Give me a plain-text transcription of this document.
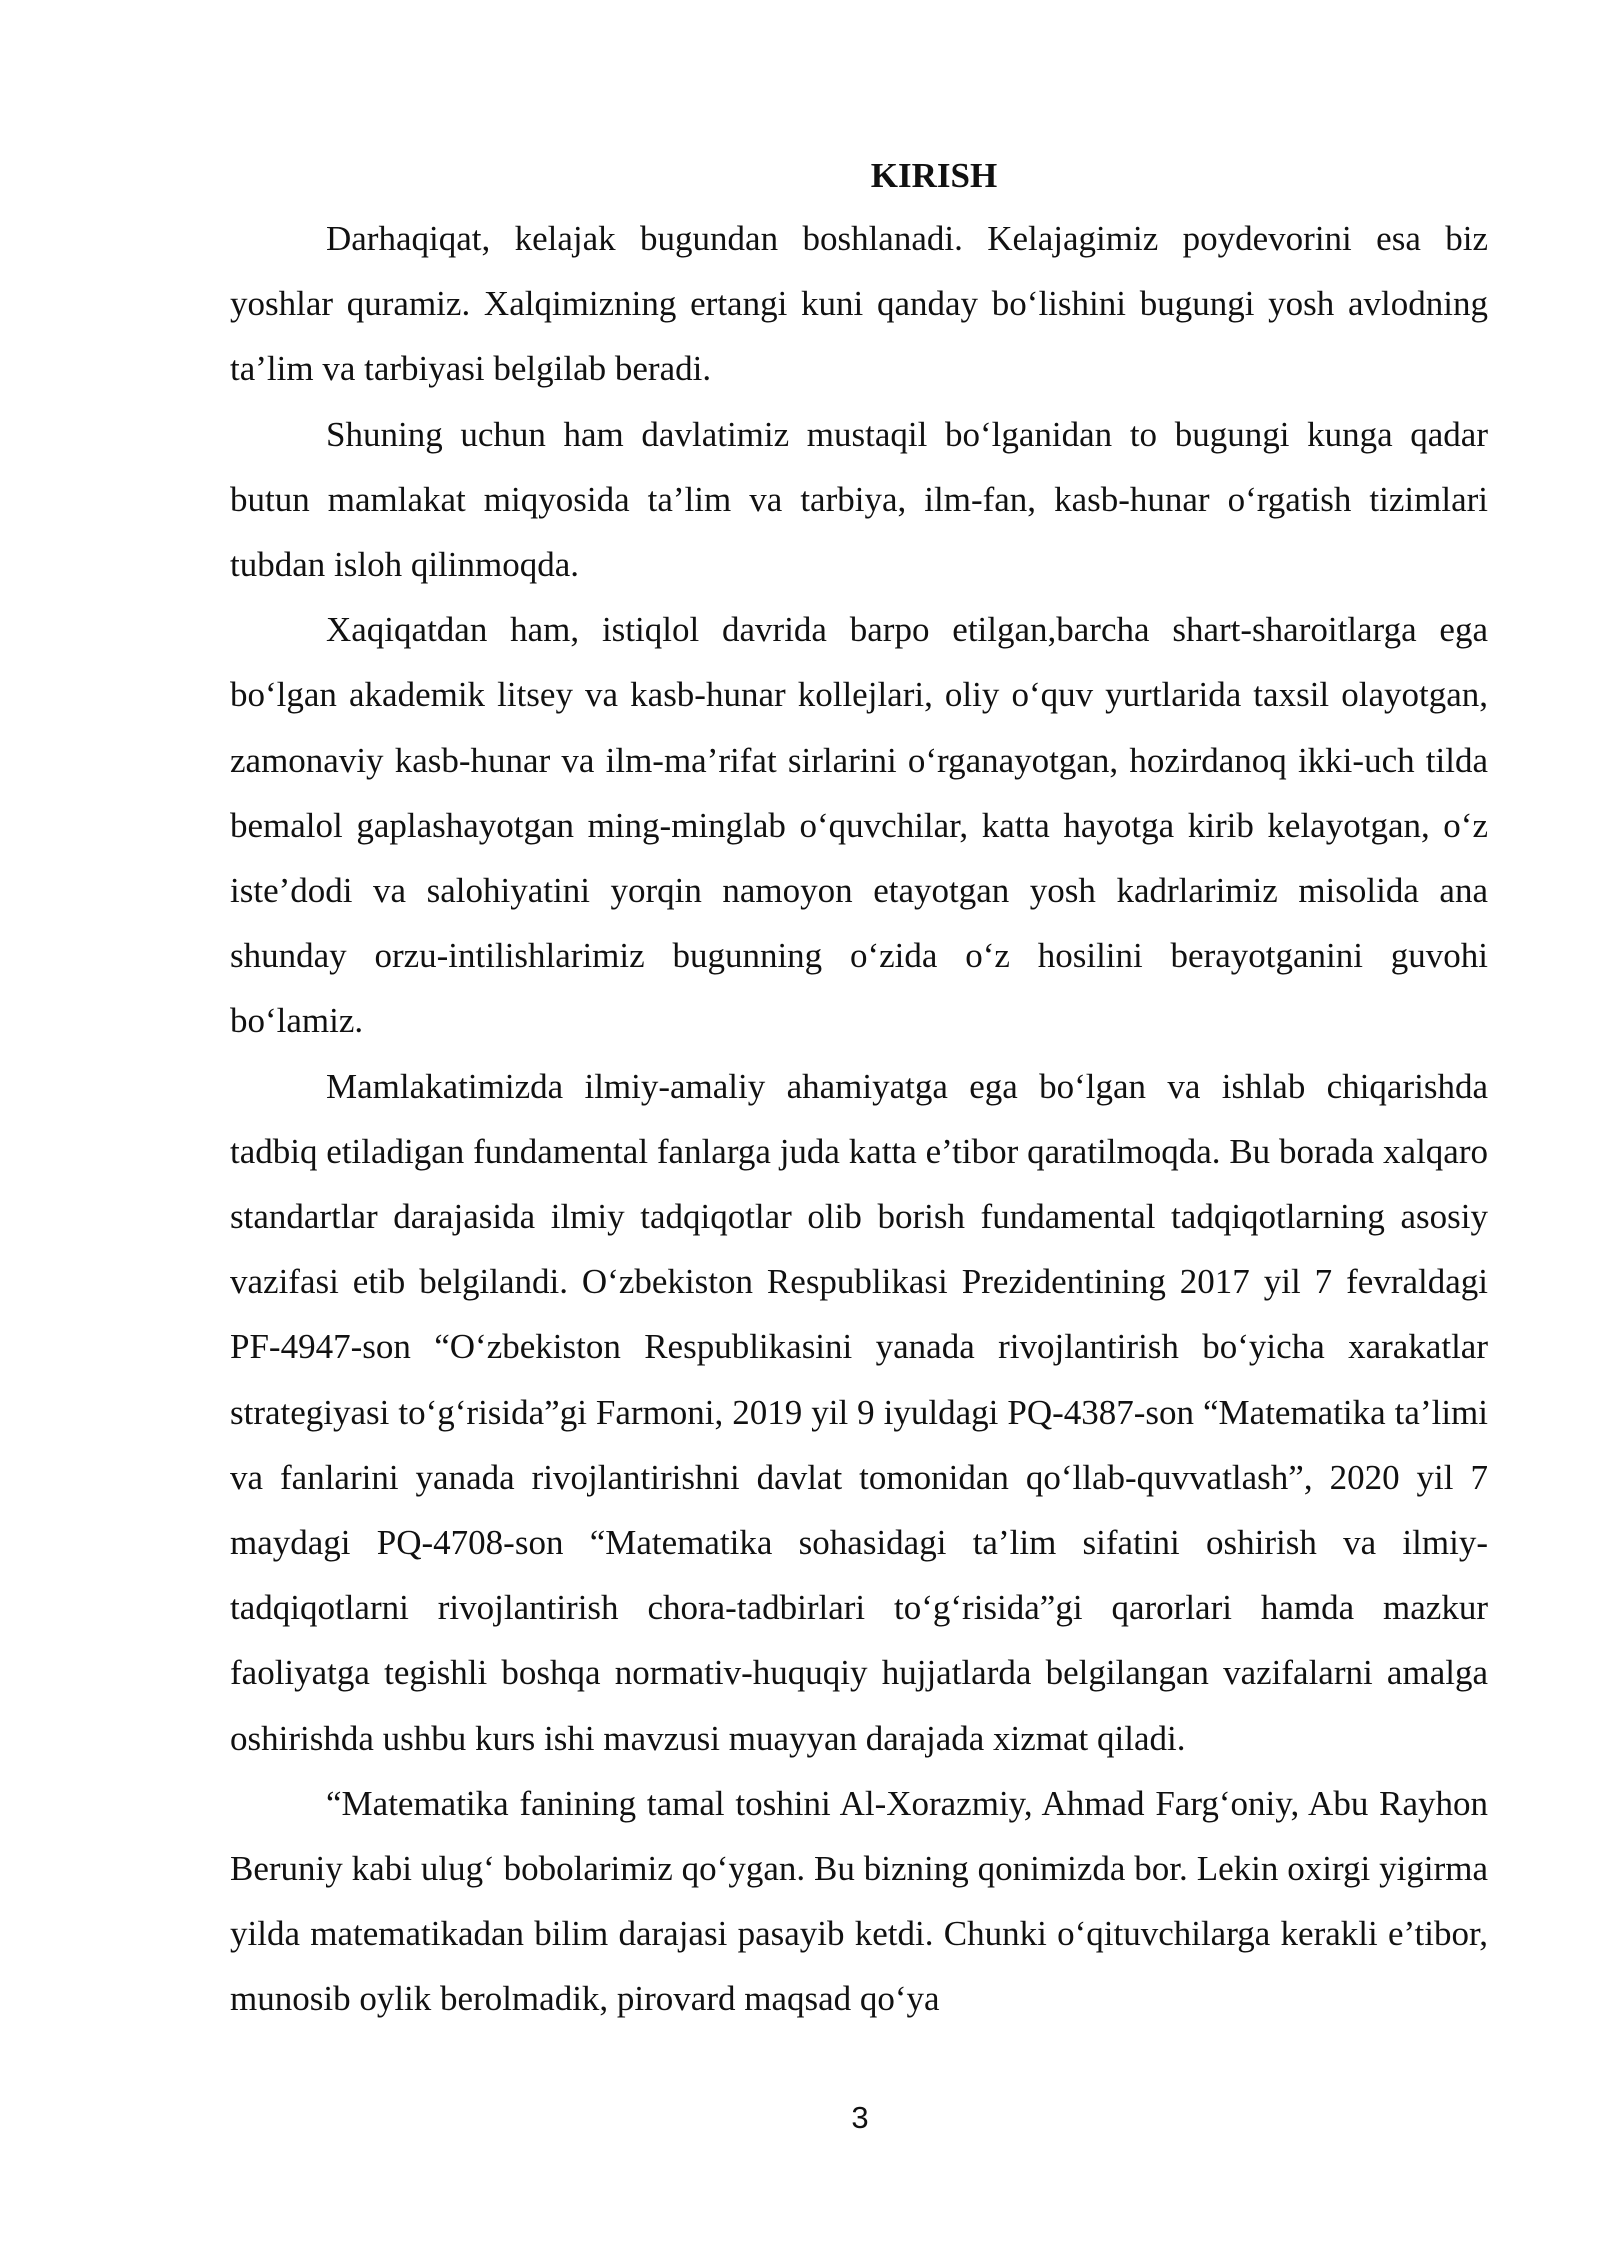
KIRISH

Darhaqiqat, kelajak bugundan boshlanadi. Kelajagimiz poydevorini esa biz yoshlar quramiz. Xalqimizning ertangi kuni qanday bo‘lishini bugungi yosh avlodning ta’lim va tarbiyasi belgilab beradi.

Shuning uchun ham davlatimiz mustaqil bo‘lganidan to bugungi kunga qadar butun mamlakat miqyosida ta’lim va tarbiya, ilm-fan, kasb-hunar o‘rgatish tizimlari tubdan isloh qilinmoqda.

Xaqiqatdan ham, istiqlol davrida barpo etilgan,barcha shart-sharoitlarga ega bo‘lgan akademik litsey va kasb-hunar kollejlari, oliy o‘quv yurtlarida taxsil olayotgan, zamonaviy kasb-hunar va ilm-ma’rifat sirlarini o‘rganayotgan, hozirdanoq ikki-uch tilda bemalol gaplashayotgan ming-minglab o‘quvchilar, katta hayotga kirib kelayotgan, o‘z iste’dodi va salohiyatini yorqin namoyon etayotgan yosh kadrlarimiz misolida ana shunday orzu-intilishlarimiz bugunning o‘zida o‘z hosilini berayotganini guvohi bo‘lamiz.

Mamlakatimizda ilmiy-amaliy ahamiyatga ega bo‘lgan va ishlab chiqarishda tadbiq etiladigan fundamental fanlarga juda katta e’tibor qaratilmoqda. Bu borada xalqaro standartlar darajasida ilmiy tadqiqotlar olib borish fundamental tadqiqotlarning asosiy vazifasi etib belgilandi. O‘zbekiston Respublikasi Prezidentining 2017 yil 7 fevraldagi PF-4947-son “O‘zbekiston Respublikasini yanada rivojlantirish bo‘yicha xarakatlar strategiyasi to‘g‘risida”gi Farmoni, 2019 yil 9 iyuldagi PQ-4387-son “Matematika ta’limi va fanlarini yanada rivojlantirishni davlat tomonidan qo‘llab-quvvatlash”, 2020 yil 7 maydagi PQ-4708-son “Matematika sohasidagi ta’lim sifatini oshirish va ilmiy-tadqiqotlarni rivojlantirish chora-tadbirlari to‘g‘risida”gi qarorlari hamda mazkur faoliyatga tegishli boshqa normativ-huquqiy hujjatlarda belgilangan vazifalarni amalga oshirishda ushbu kurs ishi mavzusi muayyan darajada xizmat qiladi.

“Matematika fanining tamal toshini Al-Xorazmiy, Ahmad Farg‘oniy, Abu Rayhon Beruniy kabi ulug‘ bobolarimiz qo‘ygan. Bu bizning qonimizda bor. Lekin oxirgi yigirma yilda matematikadan bilim darajasi pasayib ketdi. Chunki o‘qituvchilarga kerakli e’tibor, munosib oylik berolmadik, pirovard maqsad qo‘ya

3
